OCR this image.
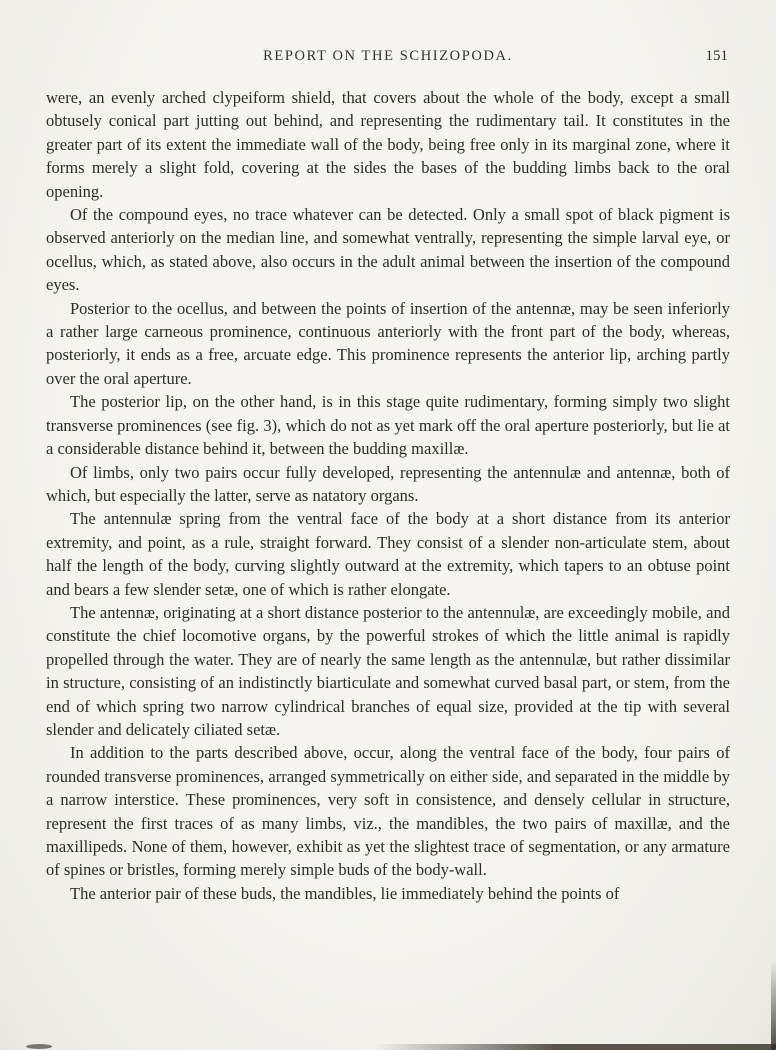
REPORT ON THE SCHIZOPODA.	151

were, an evenly arched clypeiform shield, that covers about the whole of the body, except a small obtusely conical part jutting out behind, and representing the rudimentary tail. It constitutes in the greater part of its extent the immediate wall of the body, being free only in its marginal zone, where it forms merely a slight fold, covering at the sides the bases of the budding limbs back to the oral opening.

Of the compound eyes, no trace whatever can be detected. Only a small spot of black pigment is observed anteriorly on the median line, and somewhat ventrally, representing the simple larval eye, or ocellus, which, as stated above, also occurs in the adult animal between the insertion of the compound eyes.

Posterior to the ocellus, and between the points of insertion of the antennæ, may be seen inferiorly a rather large carneous prominence, continuous anteriorly with the front part of the body, whereas, posteriorly, it ends as a free, arcuate edge. This prominence represents the anterior lip, arching partly over the oral aperture.

The posterior lip, on the other hand, is in this stage quite rudimentary, forming simply two slight transverse prominences (see fig. 3), which do not as yet mark off the oral aperture posteriorly, but lie at a considerable distance behind it, between the budding maxillæ.

Of limbs, only two pairs occur fully developed, representing the antennulæ and antennæ, both of which, but especially the latter, serve as natatory organs.

The antennulæ spring from the ventral face of the body at a short distance from its anterior extremity, and point, as a rule, straight forward. They consist of a slender non-articulate stem, about half the length of the body, curving slightly outward at the extremity, which tapers to an obtuse point and bears a few slender setæ, one of which is rather elongate.

The antennæ, originating at a short distance posterior to the antennulæ, are exceedingly mobile, and constitute the chief locomotive organs, by the powerful strokes of which the little animal is rapidly propelled through the water. They are of nearly the same length as the antennulæ, but rather dissimilar in structure, consisting of an indistinctly biarticulate and somewhat curved basal part, or stem, from the end of which spring two narrow cylindrical branches of equal size, provided at the tip with several slender and delicately ciliated setæ.

In addition to the parts described above, occur, along the ventral face of the body, four pairs of rounded transverse prominences, arranged symmetrically on either side, and separated in the middle by a narrow interstice. These prominences, very soft in consistence, and densely cellular in structure, represent the first traces of as many limbs, viz., the mandibles, the two pairs of maxillæ, and the maxillipeds. None of them, however, exhibit as yet the slightest trace of segmentation, or any armature of spines or bristles, forming merely simple buds of the body-wall.

The anterior pair of these buds, the mandibles, lie immediately behind the points of
